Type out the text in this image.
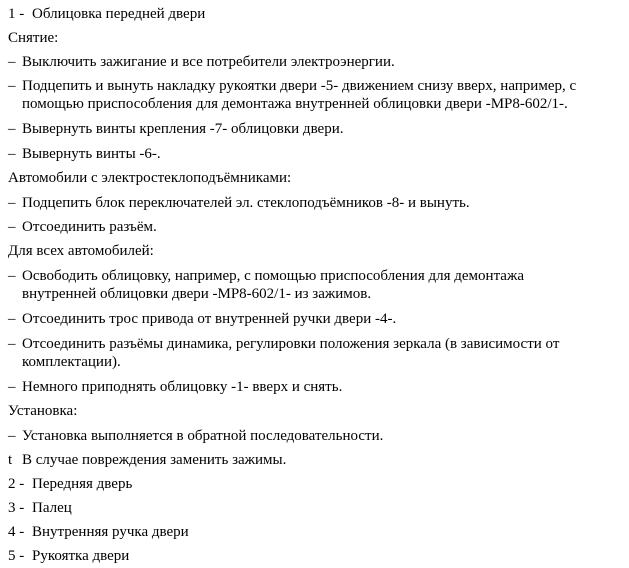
1 - Облицовка передней двери
Снятие:
– Выключить зажигание и все потребители электроэнергии.
– Подцепить и вынуть накладку рукоятки двери -5- движением снизу вверх, например, с
помощью приспособления для демонтажа внутренней облицовки двери -MP8-602/1-.
– Вывернуть винты крепления -7- облицовки двери.
– Вывернуть винты -6-.
Автомобили с электростеклоподъёмниками:
– Подцепить блок переключателей эл. стеклоподъёмников -8- и вынуть.
– Отсоединить разъём.
Для всех автомобилей:
– Освободить облицовку, например, с помощью приспособления для демонтажа
внутренней облицовки двери -MP8-602/1- из зажимов.
– Отсоединить трос привода от внутренней ручки двери -4-.
– Отсоединить разъёмы динамика, регулировки положения зеркала (в зависимости от
комплектации).
– Немного приподнять облицовку -1- вверх и снять.
Установка:
– Установка выполняется в обратной последовательности.
t В случае повреждения заменить зажимы.
2 - Передняя дверь
3 - Палец
4 - Внутренняя ручка двери
5 - Рукоятка двери
